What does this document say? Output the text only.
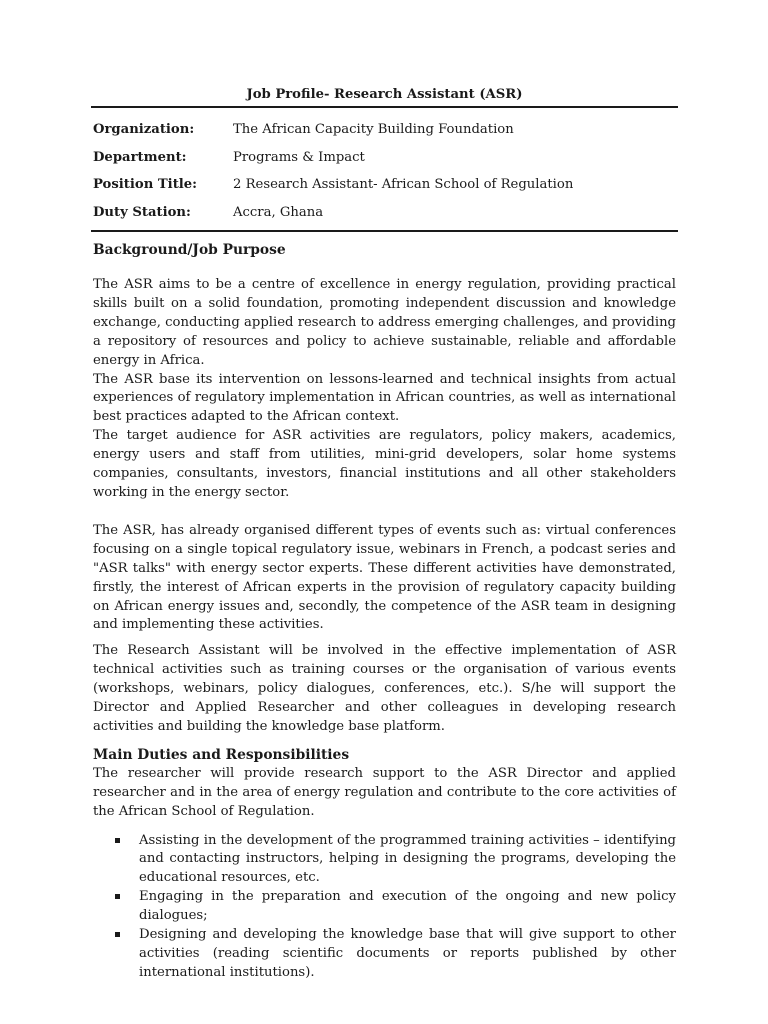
Job Profile- Research Assistant (ASR)
Organization:	The African Capacity Building Foundation
Department:	Programs & Impact
Position Title:	2 Research Assistant- African School of Regulation
Duty Station:	Accra, Ghana
Background/Job Purpose

The ASR aims to be a centre of excellence in energy regulation, providing practical skills built on a solid foundation, promoting independent discussion and knowledge exchange, conducting applied research to address emerging challenges, and providing a repository of resources and policy to achieve sustainable, reliable and affordable energy in Africa.

The ASR base its intervention on lessons-learned and technical insights from actual experiences of regulatory implementation in African countries, as well as international best practices adapted to the African context.

The target audience for ASR activities are regulators, policy makers, academics, energy users and staff from utilities, mini-grid developers, solar home systems companies, consultants, investors, financial institutions and all other stakeholders working in the energy sector.

The ASR, has already organised different types of events such as: virtual conferences focusing on a single topical regulatory issue, webinars in French, a podcast series and "ASR talks" with energy sector experts. These different activities have demonstrated, firstly, the interest of African experts in the provision of regulatory capacity building on African energy issues and, secondly, the competence of the ASR team in designing and implementing these activities.

The Research Assistant will be involved in the effective implementation of ASR technical activities such as training courses or the organisation of various events (workshops, webinars, policy dialogues, conferences, etc.). S/he will support the Director and Applied Researcher and other colleagues in developing research activities and building the knowledge base platform.

Main Duties and Responsibilities

The researcher will provide research support to the ASR Director and applied researcher and in the area of energy regulation and contribute to the core activities of the African School of Regulation.

Assisting in the development of the programmed training activities – identifying and contacting instructors, helping in designing the programs, developing the educational resources, etc.
Engaging in the preparation and execution of the ongoing and new policy dialogues;
Designing and developing the knowledge base that will give support to other activities (reading scientific documents or reports published by other international institutions).
